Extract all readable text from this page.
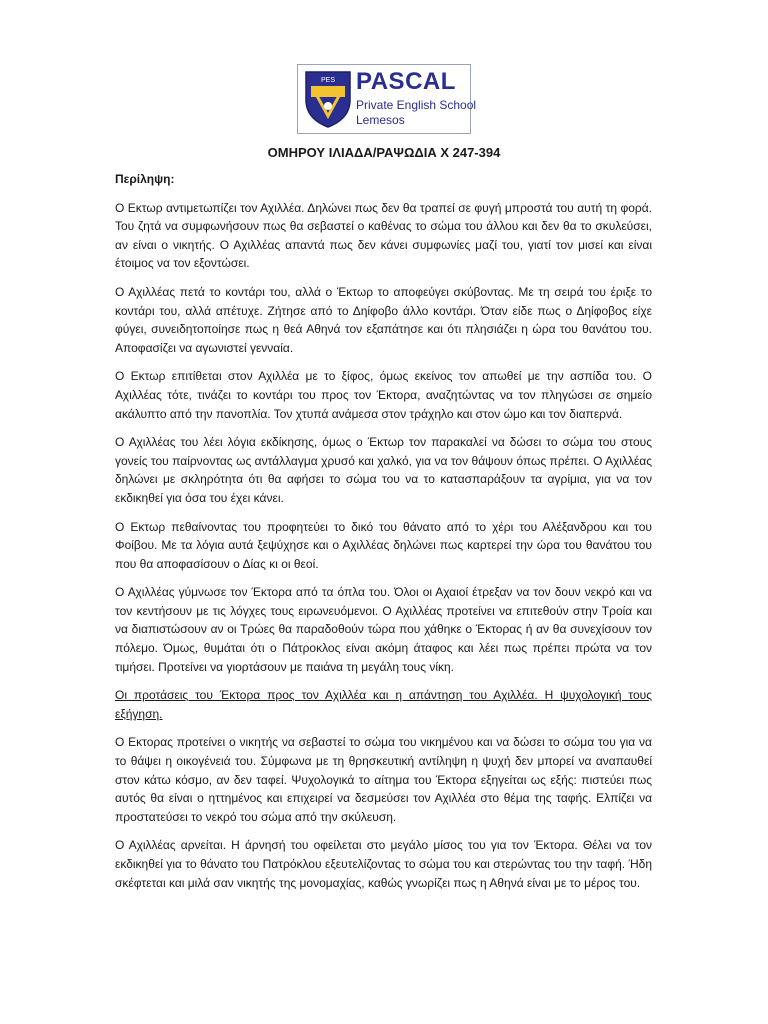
PES PASCAL
Private English School
Lemesos
ΟΜΗΡΟΥ ΙΛΙΑΔΑ/ΡΑΨΩΔΙΑ Χ 247-394

Περίληψη:

Ο Εκτωρ αντιμετωπίζει τον Αχιλλέα. Δηλώνει πως δεν θα τραπεί σε φυγή μπροστά του αυτή τη φορά. Του ζητά να συμφωνήσουν πως θα σεβαστεί ο καθένας το σώμα του άλλου και δεν θα το σκυλεύσει, αν είναι ο νικητής. Ο Αχιλλέας απαντά πως δεν κάνει συμφωνίες μαζί του, γιατί τον μισεί και είναι έτοιμος να τον εξοντώσει.

Ο Αχιλλέας πετά το κοντάρι του, αλλά ο Έκτωρ το αποφεύγει σκύβοντας. Με τη σειρά του έριξε το κοντάρι του, αλλά απέτυχε. Ζήτησε από το Δηίφοβο άλλο κοντάρι. Όταν είδε πως ο Δηίφοβος είχε φύγει, συνειδητοποίησε πως η θεά Αθηνά τον εξαπάτησε και ότι πλησιάζει η ώρα του θανάτου του. Αποφασίζει να αγωνιστεί γενναία.

Ο Εκτωρ επιτίθεται στον Αχιλλέα με το ξίφος, όμως εκείνος τον απωθεί με την ασπίδα του. Ο Αχιλλέας τότε, τινάζει το κοντάρι του προς τον Έκτορα, αναζητώντας να τον πληγώσει σε σημείο ακάλυπτο από την πανοπλία. Τον χτυπά ανάμεσα στον τράχηλο και στον ώμο και τον διαπερνά.

Ο Αχιλλέας του λέει λόγια εκδίκησης, όμως ο Έκτωρ τον παρακαλεί να δώσει το σώμα του στους γονείς του παίρνοντας ως αντάλλαγμα χρυσό και χαλκό, για να τον θάψουν όπως πρέπει. Ο Αχιλλέας δηλώνει με σκληρότητα ότι θα αφήσει το σώμα του να το κατασπαράξουν τα αγρίμια, για να τον εκδικηθεί για όσα του έχει κάνει.

Ο Εκτωρ πεθαίνοντας του προφητεύει το δικό του θάνατο από το χέρι του Αλέξανδρου και του Φοίβου. Με τα λόγια αυτά ξεψύχησε και ο Αχιλλέας δηλώνει πως καρτερεί την ώρα του θανάτου του που θα αποφασίσουν ο Δίας κι οι θεοί.

Ο Αχιλλέας γύμνωσε τον Έκτορα από τα όπλα του. Όλοι οι Αχαιοί έτρεξαν να τον δουν νεκρό και να τον κεντήσουν με τις λόγχες τους ειρωνευόμενοι. Ο Αχιλλέας προτείνει να επιτεθούν στην Τροία και να διαπιστώσουν αν οι Τρώες θα παραδοθούν τώρα που χάθηκε ο Έκτορας ή αν θα συνεχίσουν τον πόλεμο. Όμως, θυμάται ότι ο Πάτροκλος είναι ακόμη άταφος και λέει πως πρέπει πρώτα να τον τιμήσει. Προτείνει να γιορτάσουν με παιάνα τη μεγάλη τους νίκη.

Οι προτάσεις του Έκτορα προς τον Αχιλλέα και η απάντηση του Αχιλλέα. Η ψυχολογική τους εξήγηση.

Ο Εκτορας προτείνει ο νικητής να σεβαστεί το σώμα του νικημένου και να δώσει το σώμα του για να το θάψει η οικογένειά του. Σύμφωνα με τη θρησκευτική αντίληψη η ψυχή δεν μπορεί να αναπαυθεί στον κάτω κόσμο, αν δεν ταφεί. Ψυχολογικά το αίτημα του Έκτορα εξηγείται ως εξής: πιστεύει πως αυτός θα είναι ο ηττημένος και επιχειρεί να δεσμεύσει τον Αχιλλέα στο θέμα της ταφής. Ελπίζει να προστατεύσει το νεκρό του σώμα από την σκύλευση.

Ο Αχιλλέας αρνείται. Η άρνησή του οφείλεται στο μεγάλο μίσος του για τον Έκτορα. Θέλει να τον εκδικηθεί για το θάνατο του Πατρόκλου εξευτελίζοντας το σώμα του και στερώντας του την ταφή. Ήδη σκέφτεται και μιλά σαν νικητής της μονομαχίας, καθώς γνωρίζει πως η Αθηνά είναι με το μέρος του.
